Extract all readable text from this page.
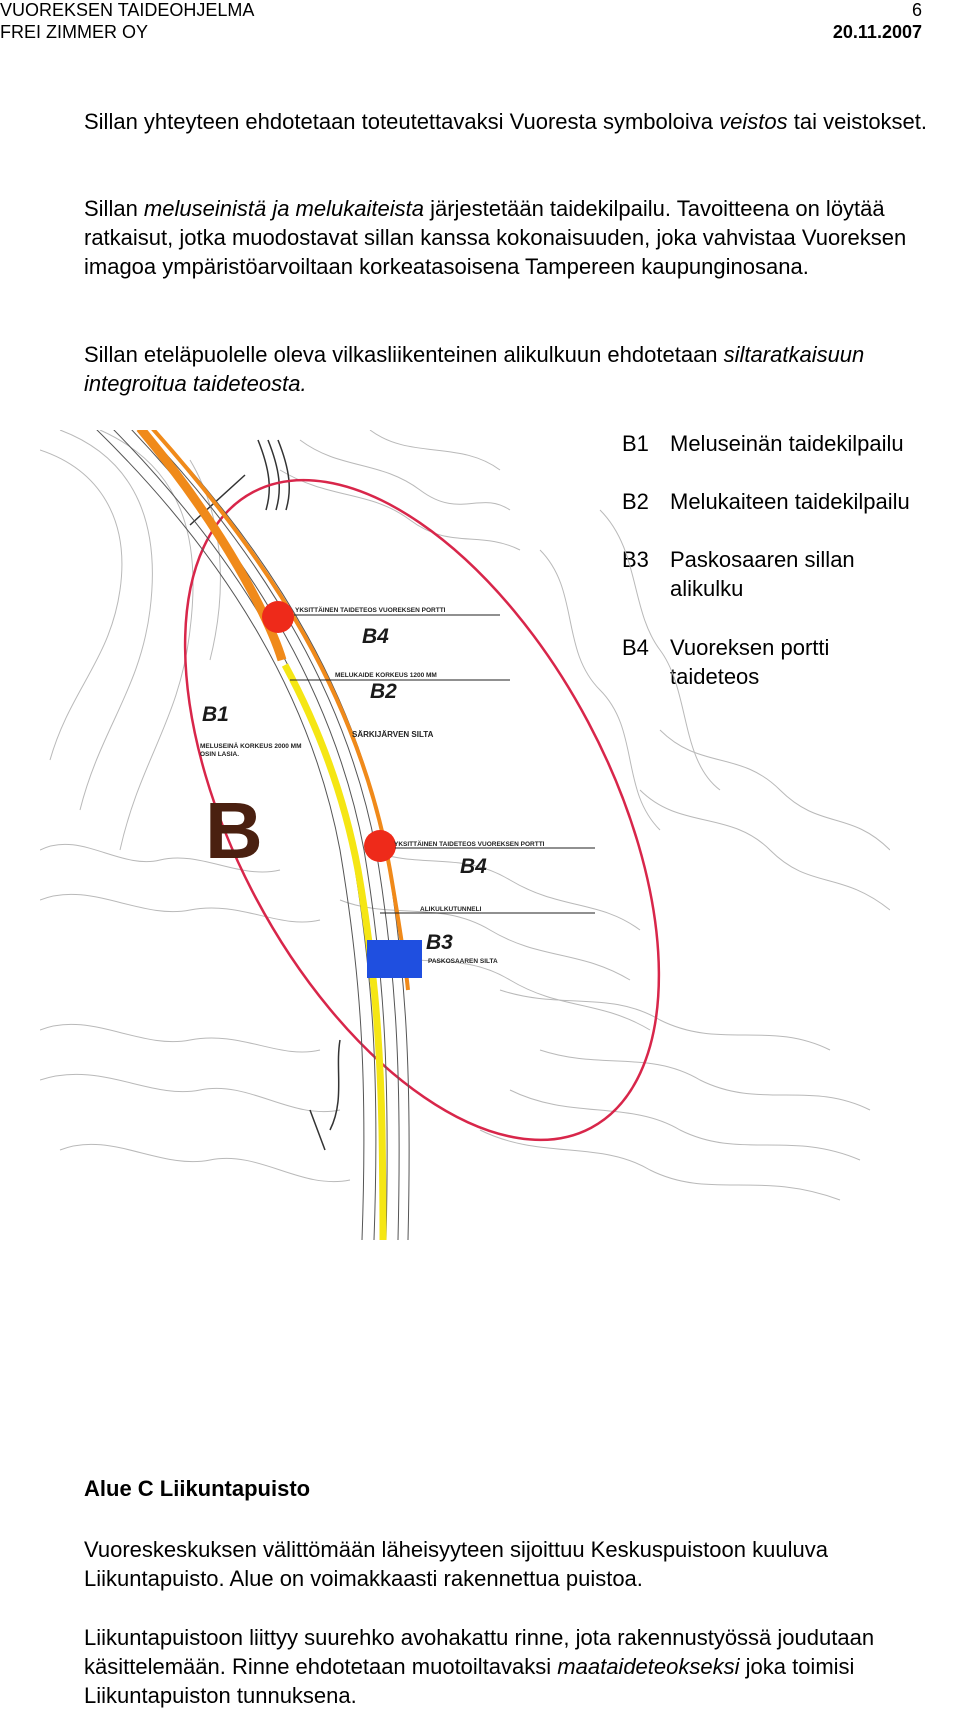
VUOREKSEN TAIDEOHJELMA	6
FREI ZIMMER OY	20.11.2007

Sillan yhteyteen ehdotetaan toteutettavaksi Vuoresta symboloiva veistos tai veistokset.

Sillan meluseinistä ja melukaiteista järjestetään taidekilpailu. Tavoitteena on löytää ratkaisut, jotka muodostavat sillan kanssa kokonaisuuden, joka vahvistaa Vuoreksen imagoa ympäristöarvoiltaan korkeatasoisena Tampereen kaupunginosana.

Sillan eteläpuolelle oleva vilkasliikenteinen alikulkuun ehdotetaan siltaratkaisuun integroitua taideteosta.

B1 Meluseinän taidekilpailu
B2 Melukaiteen taidekilpailu
B3 Paskosaaren sillan alikulku
B4 Vuoreksen portti taideteos
B4
B2
B1
B4
B3
B
YKSITTÄINEN TAIDETEOS VUOREKSEN PORTTI
MELUKAIDE KORKEUS 1200 MM
SÄRKIJÄRVEN SILTA
MELUSEINÄ KORKEUS 2000 MM
OSIN LASIA.
YKSITTÄINEN TAIDETEOS VUOREKSEN PORTTI
ALIKULKUTUNNELI
PASKOSAAREN SILTA
Alue C Liikuntapuisto

Vuoreskeskuksen välittömään läheisyyteen sijoittuu Keskuspuistoon kuuluva Liikuntapuisto. Alue on voimakkaasti rakennettua puistoa.

Liikuntapuistoon liittyy suurehko avohakattu rinne, jota rakennustyössä joudutaan käsittelemään. Rinne ehdotetaan muotoiltavaksi maataideteokseksi joka toimisi Liikuntapuiston tunnuksena.
